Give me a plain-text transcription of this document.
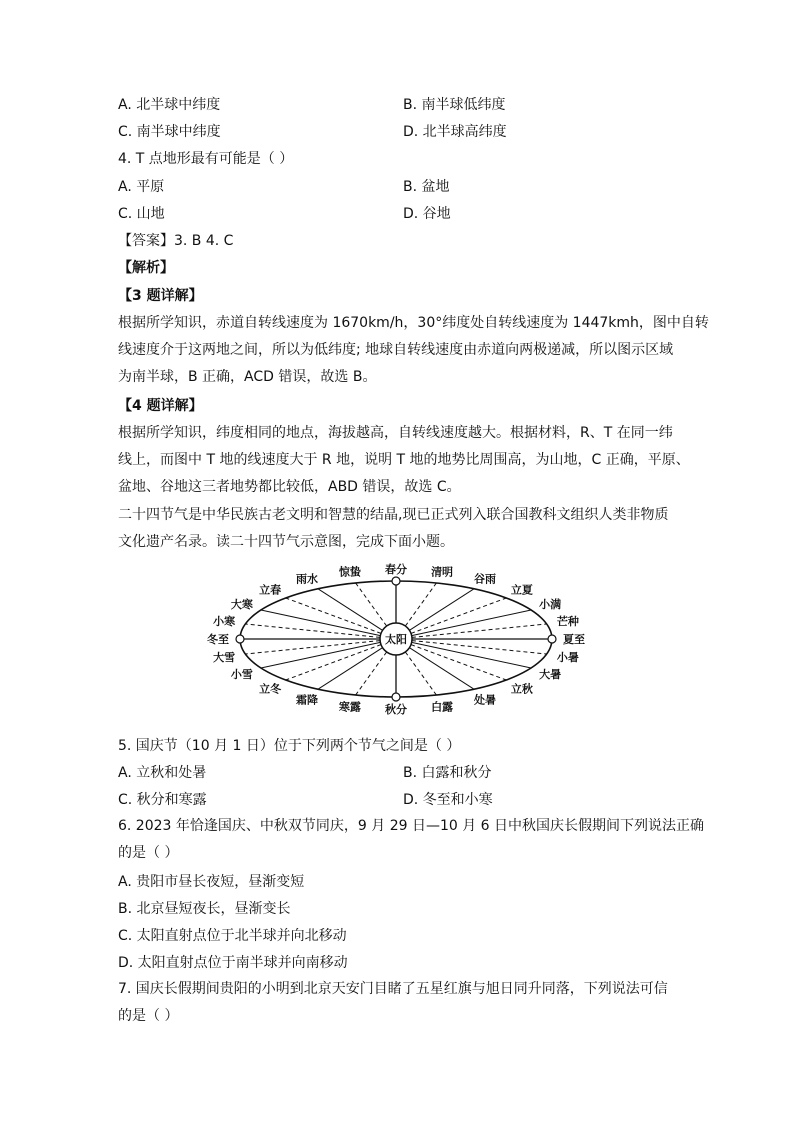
A. 北半球中纬度	B. 南半球低纬度
C. 南半球中纬度	D. 北半球高纬度
4. T 点地形最有可能是（ ）
A. 平原	B. 盆地
C. 山地	D. 谷地
【答案】3. B 4. C
【解析】
【3 题详解】
根据所学知识，赤道自转线速度为 1670km/h，30°纬度处自转线速度为 1447kmh，图中自转
线速度介于这两地之间，所以为低纬度; 地球自转线速度由赤道向两极递减，所以图示区域
为南半球，B 正确，ACD 错误，故选 B。
【4 题详解】
根据所学知识，纬度相同的地点，海拔越高，自转线速度越大。根据材料，R、T 在同一纬
线上，而图中 T 地的线速度大于 R 地，说明 T 地的地势比周围高，为山地，C 正确，平原、
盆地、谷地这三者地势都比较低，ABD 错误，故选 C。
二十四节气是中华民族古老文明和智慧的结晶,现已正式列入联合国教科文组织人类非物质
文化遗产名录。读二十四节气示意图，完成下面小题。
春分 清明
谷雨
立夏
小满
芒种
夏至
小暑
大暑
立秋
处暑
白露
秋分
寒露
霜降
立冬
小雪
大雪
冬至
小寒
大寒
立春
雨水
惊蛰
太阳
5. 国庆节（10 月 1 日）位于下列两个节气之间是（ ）
A. 立秋和处暑	B. 白露和秋分
C. 秋分和寒露	D. 冬至和小寒
6. 2023 年恰逢国庆、中秋双节同庆，9 月 29 日—10 月 6 日中秋国庆长假期间下列说法正确
的是（ ）
A. 贵阳市昼长夜短，昼渐变短
B. 北京昼短夜长，昼渐变长
C. 太阳直射点位于北半球并向北移动
D. 太阳直射点位于南半球并向南移动
7. 国庆长假期间贵阳的小明到北京天安门目睹了五星红旗与旭日同升同落，下列说法可信
的是（ ）
